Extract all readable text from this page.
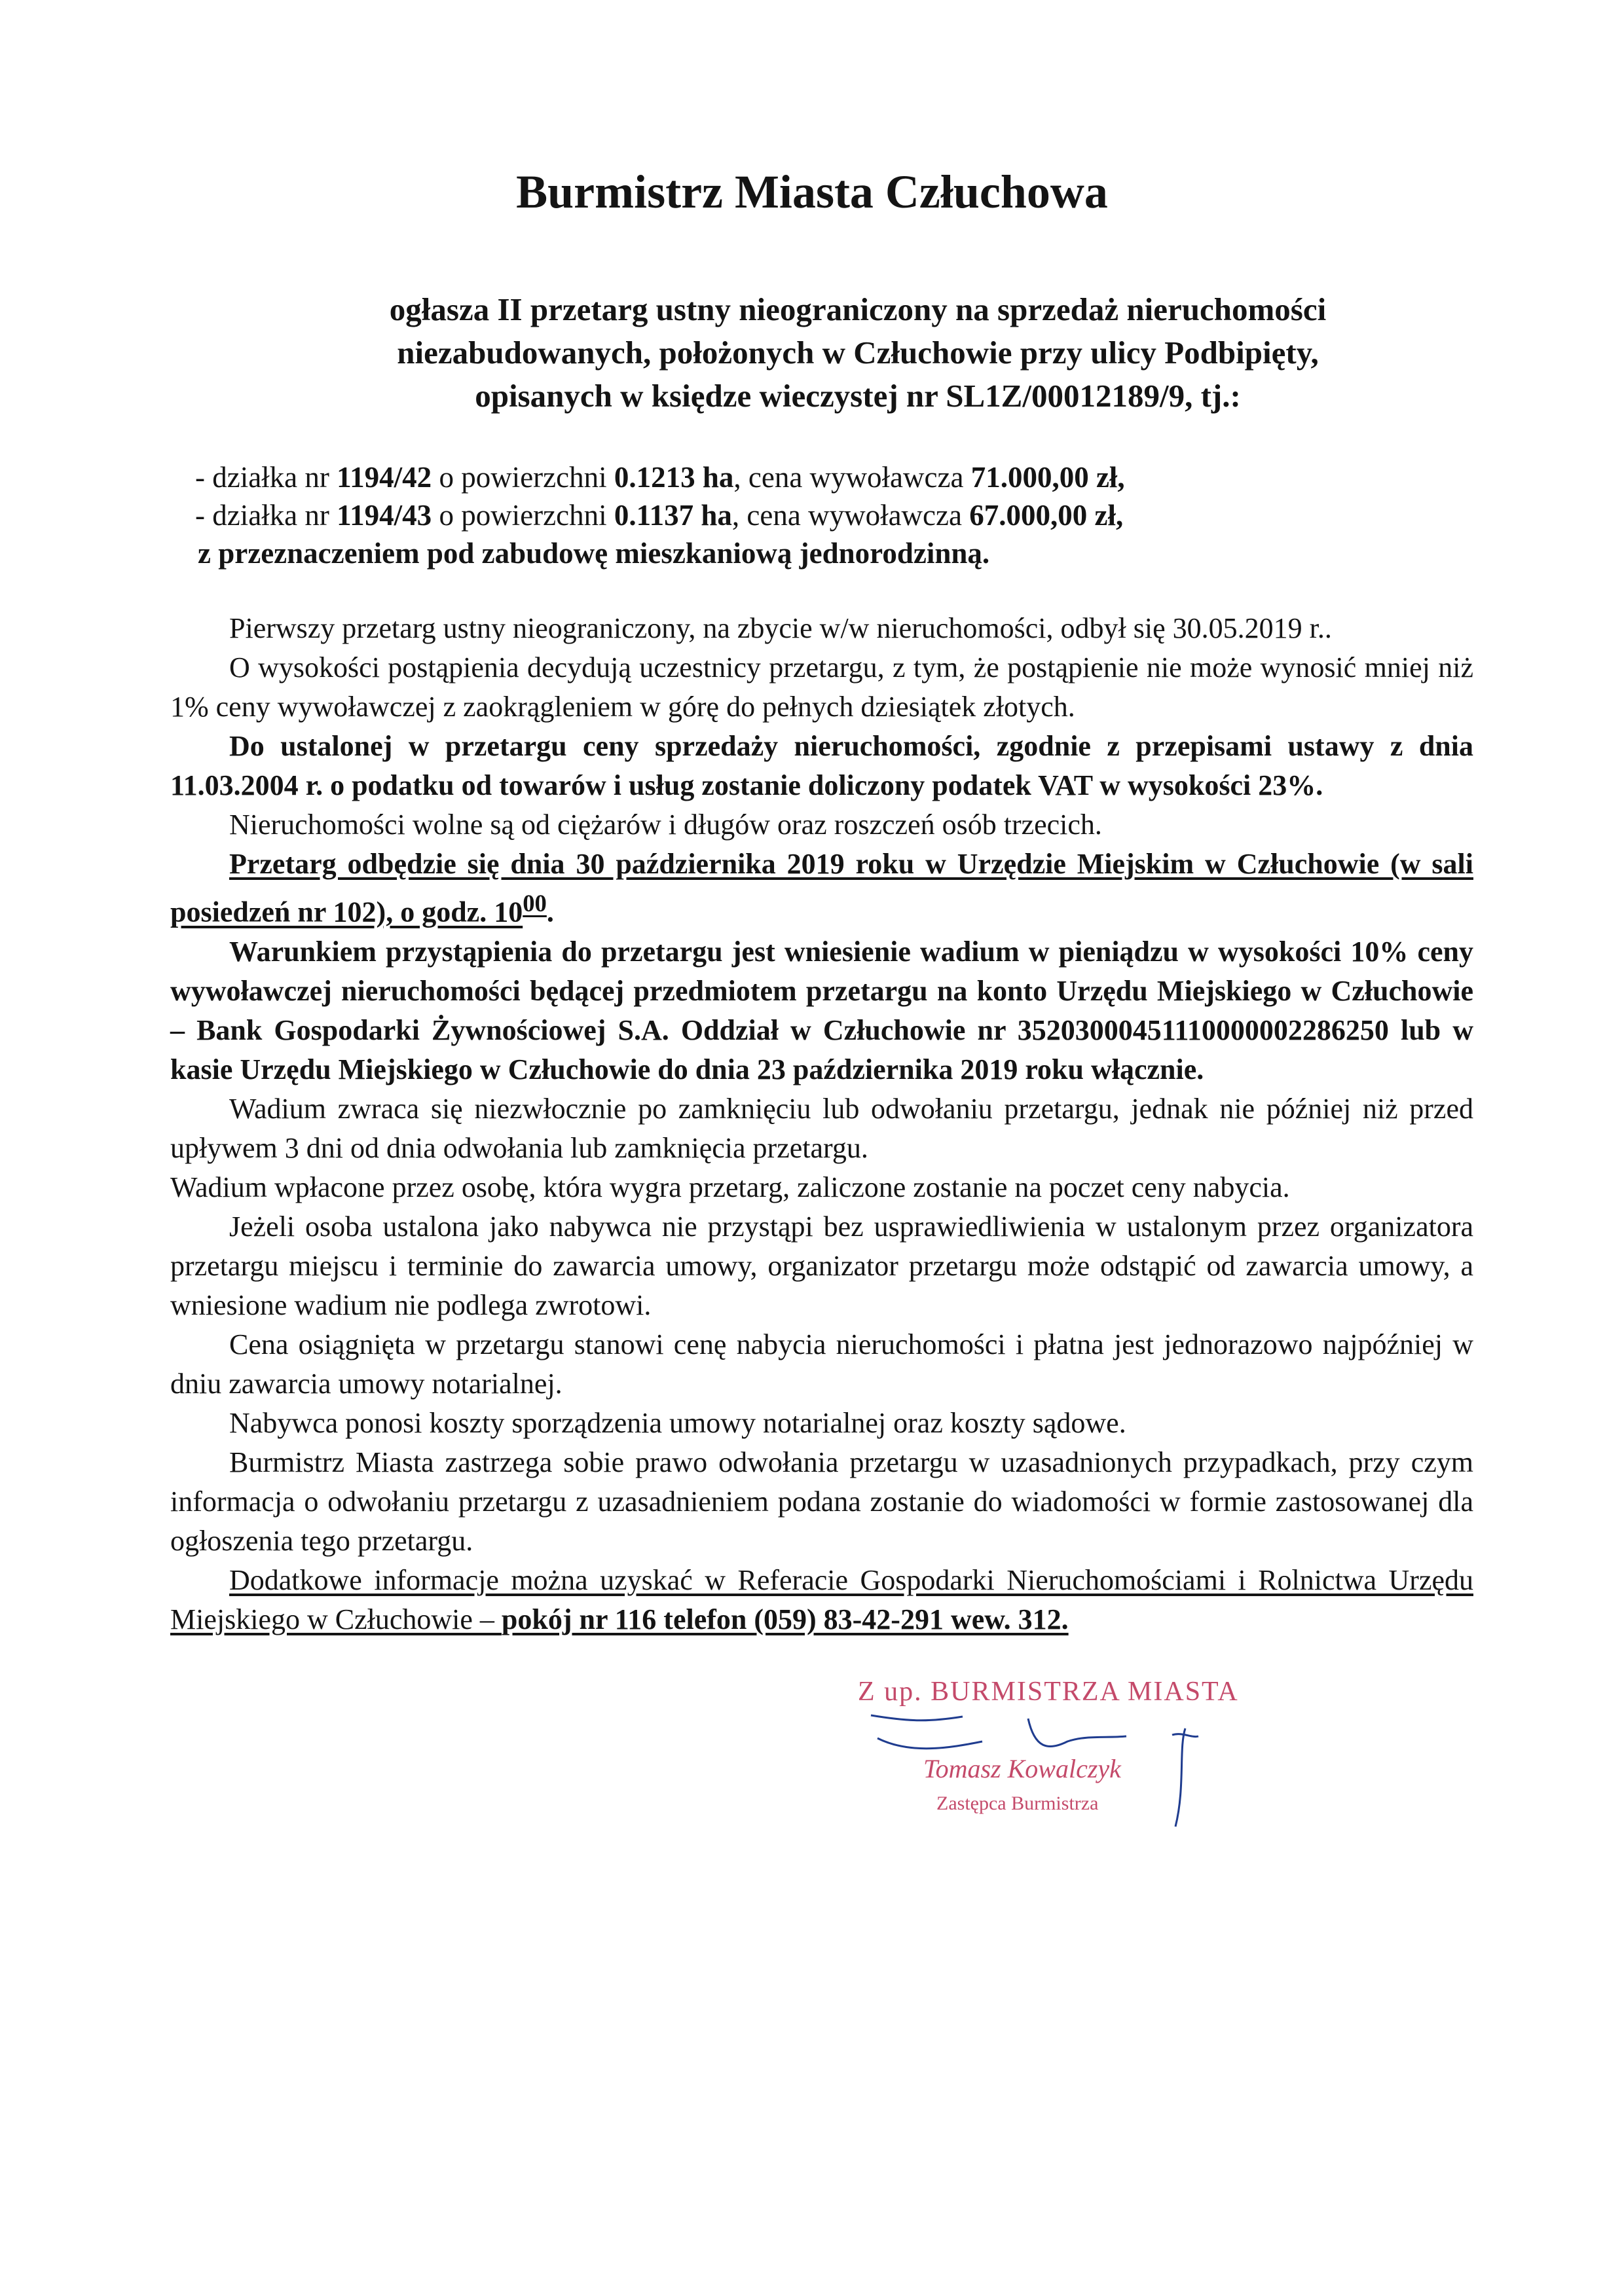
Burmistrz Miasta Człuchowa
ogłasza II przetarg ustny nieograniczony na sprzedaż nieruchomości
niezabudowanych, położonych w Człuchowie przy ulicy Podbipięty,
opisanych w księdze wieczystej nr SL1Z/00012189/9, tj.:
- działka nr 1194/42 o powierzchni 0.1213 ha, cena wywoławcza 71.000,00 zł,
- działka nr 1194/43 o powierzchni 0.1137 ha, cena wywoławcza 67.000,00 zł,
z przeznaczeniem pod zabudowę mieszkaniową jednorodzinną.

Pierwszy przetarg ustny nieograniczony, na zbycie w/w nieruchomości, odbył się 30.05.2019 r..

O wysokości postąpienia decydują uczestnicy przetargu, z tym, że postąpienie nie może wynosić mniej niż 1% ceny wywoławczej z zaokrągleniem w górę do pełnych dziesiątek złotych.

Do ustalonej w przetargu ceny sprzedaży nieruchomości, zgodnie z przepisami ustawy z dnia 11.03.2004 r. o podatku od towarów i usług zostanie doliczony podatek VAT w wysokości 23%.

Nieruchomości wolne są od ciężarów i długów oraz roszczeń osób trzecich.

Przetarg odbędzie się dnia 30 października 2019 roku w Urzędzie Miejskim w Człuchowie (w sali posiedzeń nr 102), o godz. $10^{00}$.

Warunkiem przystąpienia do przetargu jest wniesienie wadium w pieniądzu w wysokości 10% ceny wywoławczej nieruchomości będącej przedmiotem przetargu na konto Urzędu Miejskiego w Człuchowie – Bank Gospodarki Żywnościowej S.A. Oddział w Człuchowie nr 35203000451110000002286250 lub w kasie Urzędu Miejskiego w Człuchowie do dnia 23 października 2019 roku włącznie.

Wadium zwraca się niezwłocznie po zamknięciu lub odwołaniu przetargu, jednak nie później niż przed upływem 3 dni od dnia odwołania lub zamknięcia przetargu.

Wadium wpłacone przez osobę, która wygra przetarg, zaliczone zostanie na poczet ceny nabycia.

Jeżeli osoba ustalona jako nabywca nie przystąpi bez usprawiedliwienia w ustalonym przez organizatora przetargu miejscu i terminie do zawarcia umowy, organizator przetargu może odstąpić od zawarcia umowy, a wniesione wadium nie podlega zwrotowi.

Cena osiągnięta w przetargu stanowi cenę nabycia nieruchomości i płatna jest jednorazowo najpóźniej w dniu zawarcia umowy notarialnej.

Nabywca ponosi koszty sporządzenia umowy notarialnej oraz koszty sądowe.

Burmistrz Miasta zastrzega sobie prawo odwołania przetargu w uzasadnionych przypadkach, przy czym informacja o odwołaniu przetargu z uzasadnieniem podana zostanie do wiadomości w formie zastosowanej dla ogłoszenia tego przetargu.

Dodatkowe informacje można uzyskać w Referacie Gospodarki Nieruchomościami i Rolnictwa Urzędu Miejskiego w Człuchowie – pokój nr 116 telefon (059) 83-42-291 wew. 312.

Z up. BURMISTRZA MIASTA
Tomasz Kowalczyk
Zastępca Burmistrza
